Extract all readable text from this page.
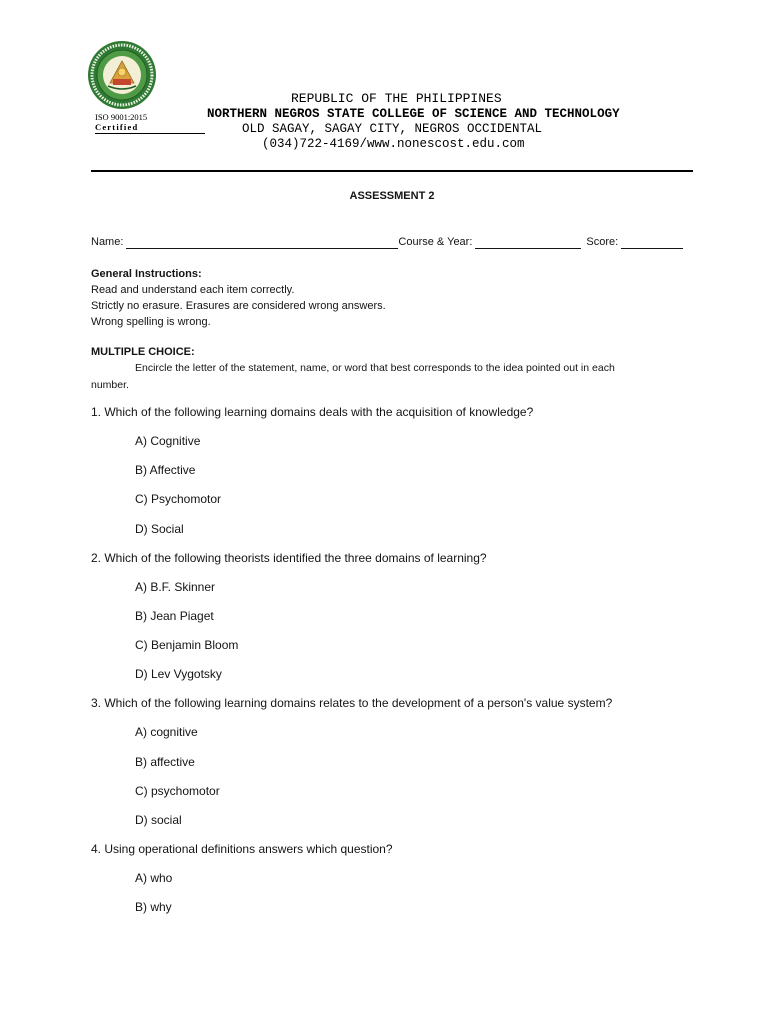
ISO 9001:2015
Certified
REPUBLIC OF THE PHILIPPINES
NORTHERN NEGROS STATE COLLEGE OF SCIENCE AND TECHNOLOGY
OLD SAGAY, SAGAY CITY, NEGROS OCCIDENTAL
(034)722-4169/www.nonescost.edu.com
ASSESSMENT 2
Name:	Course & Year:	Score:
General Instructions:
Read and understand each item correctly.
Strictly no erasure. Erasures are considered wrong answers.
Wrong spelling is wrong.
MULTIPLE CHOICE:
Encircle the letter of the statement, name, or word that best corresponds to the idea pointed out in each
number.
1. Which of the following learning domains deals with the acquisition of knowledge?
A) Cognitive
B) Affective
C) Psychomotor
D) Social
2. Which of the following theorists identified the three domains of learning?
A) B.F. Skinner
B) Jean Piaget
C) Benjamin Bloom
D) Lev Vygotsky
3. Which of the following learning domains relates to the development of a person's value system?
A) cognitive
B) affective
C) psychomotor
D) social
4. Using operational definitions answers which question?
A) who
B) why
